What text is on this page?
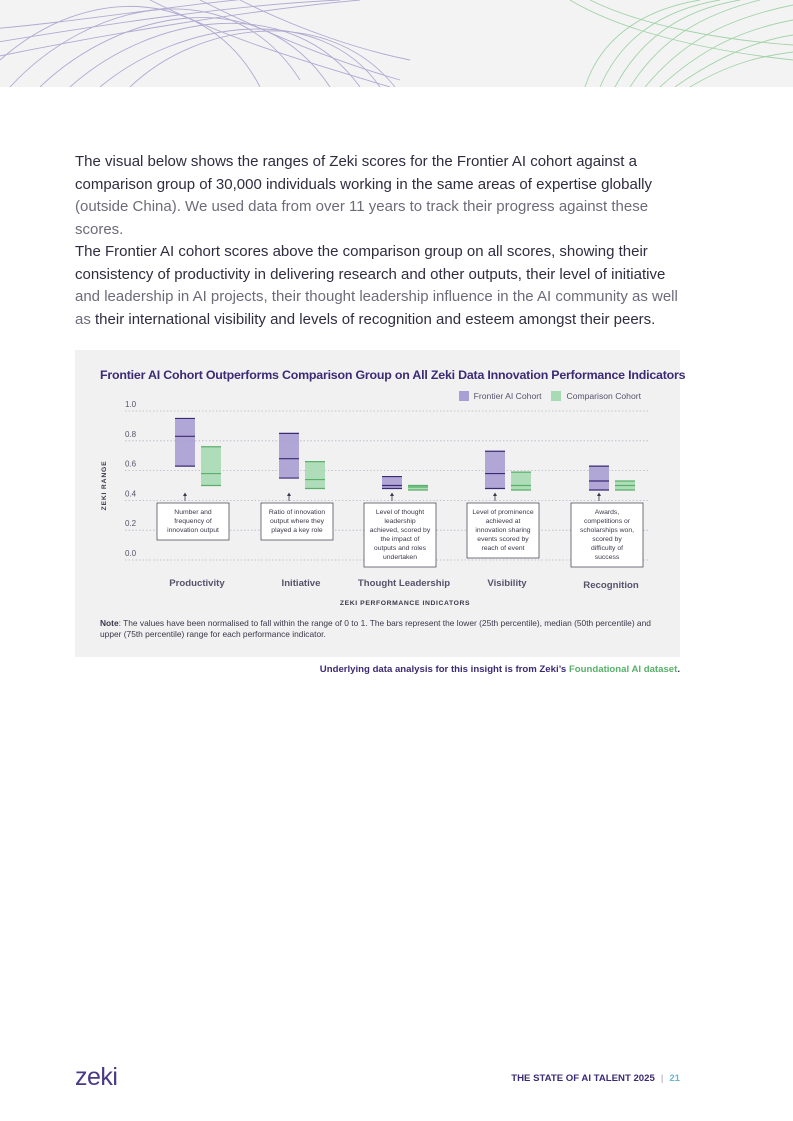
The visual below shows the ranges of Zeki scores for the Frontier AI cohort against a comparison group of 30,000 individuals working in the same areas of expertise globally (outside China). We used data from over 11 years to track their progress against these scores.

The Frontier AI cohort scores above the comparison group on all scores, showing their consistency of productivity in delivering research and other outputs, their level of initiative and leadership in AI projects, their thought leadership influence in the AI community as well as their international visibility and levels of recognition and esteem amongst their peers.

0.0
0.2
0.4
0.6
0.8
1.0
ZEKI RANGE
Number and
frequency of
innovation output
Productivity
Ratio of innovation
output where they
played a key role
Initiative
Level of thought
leadership
achieved, scored by
the impact of
outputs and roles
undertaken
Thought Leadership
Level of prominence
achieved at
innovation sharing
events scored by
reach of event
Visibility
Awards,
competitions or
scholarships won,
scored by
difficulty of
success
Recognition
ZEKI PERFORMANCE INDICATORS

Frontier AI Cohort Outperforms Comparison Group on All Zeki Data Innovation Performance Indicators

Frontier AI Cohort	Comparison Cohort

Note: The values have been normalised to fall within the range of 0 to 1. The bars represent the lower (25th percentile), median (50th percentile) and upper (75th percentile) range for each performance indicator.

Underlying data analysis for this insight is from Zeki’s Foundational AI dataset.

zeki	THE STATE OF AI TALENT 2025 | 21
